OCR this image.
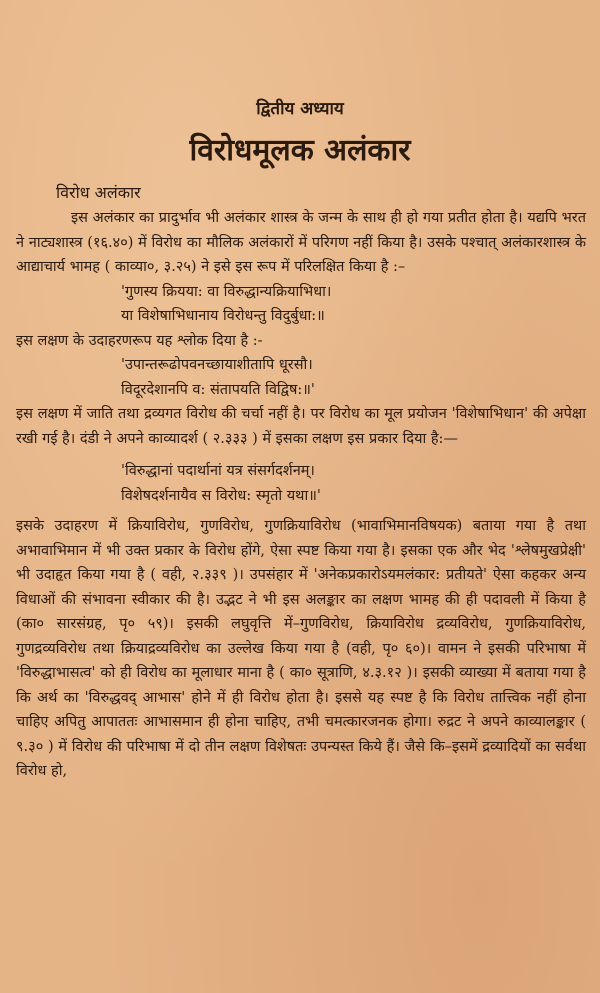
द्वितीय अध्याय
विरोधमूलक अलंकार
विरोध अलंकार

इस अलंकार का प्रादुर्भाव भी अलंकार शास्त्र के जन्म के साथ ही हो गया प्रतीत होता है। यद्यपि भरत ने नाट्यशास्त्र (१६.४०) में विरोध का मौलिक अलंकारों में परिगण नहीं किया है। उसके पश्चात् अलंकारशास्त्र के आद्याचार्य भामह ( काव्या०, ३.२५) ने इसे इस रूप में परिलक्षित किया है :–

'गुणस्य क्रियया: वा विरुद्धान्यक्रियाभिधा।

या विशेषाभिधानाय विरोधन्तु विदुर्बुधा:॥

इस लक्षण के उदाहरणरूप यह श्लोक दिया है :-

'उपान्तरूढोपवनच्छायाशीतापि धूरसौ।

विदूरदेशानपि व: संतापयति विद्विष:॥'

इस लक्षण में जाति तथा द्रव्यगत विरोध की चर्चा नहीं है। पर विरोध का मूल प्रयोजन 'विशेषाभिधान' की अपेक्षा रखी गई है। दंडी ने अपने काव्यादर्श ( २.३३३ ) में इसका लक्षण इस प्रकार दिया है:—

'विरुद्धानां पदार्थानां यत्र संसर्गदर्शनम्।

विशेषदर्शनायैव स विरोध: स्मृतो यथा॥'

इसके उदाहरण में क्रियाविरोध, गुणविरोध, गुणक्रियाविरोध (भावाभिमानविषयक) बताया गया है तथा अभावाभिमान में भी उक्त प्रकार के विरोध होंगे, ऐसा स्पष्ट किया गया है। इसका एक और भेद 'श्लेषमुखप्रेक्षी' भी उदाहृत किया गया है ( वही, २.३३९ )। उपसंहार में 'अनेकप्रकारोऽयमलंकार: प्रतीयते' ऐसा कहकर अन्य विधाओं की संभावना स्वीकार की है। उद्भट ने भी इस अलङ्कार का लक्षण भामह की ही पदावली में किया है (का० सारसंग्रह, पृ० ५९)। इसकी लघुवृत्ति में–गुणविरोध, क्रियाविरोध द्रव्यविरोध, गुणक्रियाविरोध, गुणद्रव्यविरोध तथा क्रियाद्रव्यविरोध का उल्लेख किया गया है (वही, पृ० ६०)। वामन ने इसकी परिभाषा में 'विरुद्धाभासत्व' को ही विरोध का मूलाधार माना है ( का० सूत्राणि, ४.३.१२ )। इसकी व्याख्या में बताया गया है कि अर्थ का 'विरुद्धवद् आभास' होने में ही विरोध होता है। इससे यह स्पष्ट है कि विरोध तात्त्विक नहीं होना चाहिए अपितु आपाततः आभासमान ही होना चाहिए, तभी चमत्कारजनक होगा। रुद्रट ने अपने काव्यालङ्कार ( ९.३० ) में विरोध की परिभाषा में दो तीन लक्षण विशेषतः उपन्यस्त किये हैं। जैसे कि–इसमें द्रव्यादियों का सर्वथा विरोध हो,
